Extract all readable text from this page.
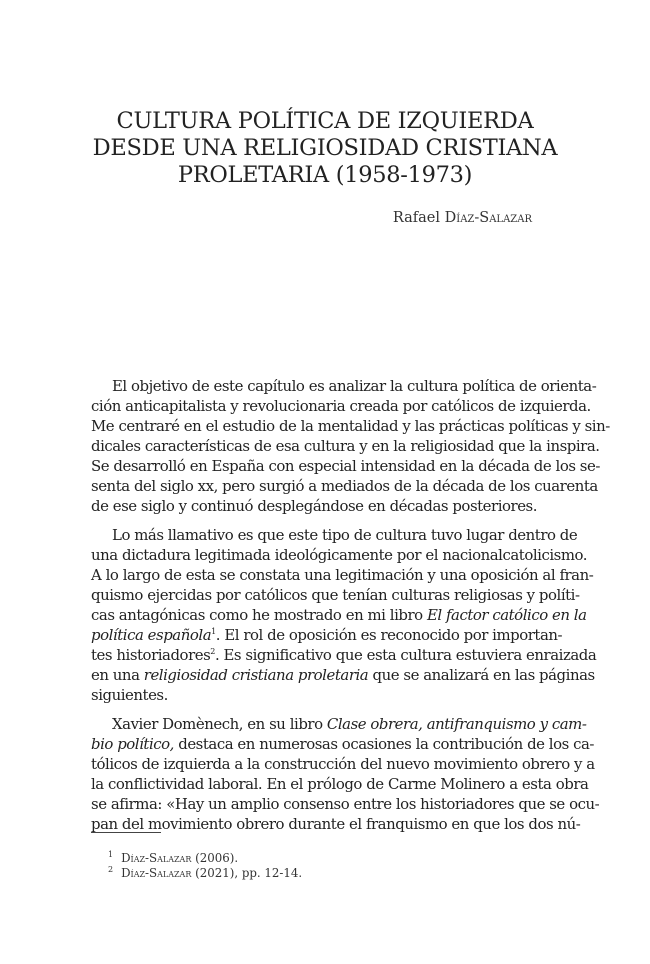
CULTURA POLÍTICA DE IZQUIERDA
DESDE UNA RELIGIOSIDAD CRISTIANA
PROLETARIA (1958-1973)
Rafael Díaz-Salazar
El objetivo de este capítulo es analizar la cultura política de orienta-
ción anticapitalista y revolucionaria creada por católicos de izquierda.
Me centraré en el estudio de la mentalidad y las prácticas políticas y sin-
dicales características de esa cultura y en la religiosidad que la inspira.
Se desarrolló en España con especial intensidad en la década de los se-
senta del siglo xx, pero surgió a mediados de la década de los cuarenta
de ese siglo y continuó desplegándose en décadas posteriores.
Lo más llamativo es que este tipo de cultura tuvo lugar dentro de
una dictadura legitimada ideológicamente por el nacionalcatolicismo.
A lo largo de esta se constata una legitimación y una oposición al fran-
quismo ejercidas por católicos que tenían culturas religiosas y políti-
cas antagónicas como he mostrado en mi libro El factor católico en la
política española$^1$. El rol de oposición es reconocido por importan-
tes historiadores$^2$. Es significativo que esta cultura estuviera enraizada
en una religiosidad cristiana proletaria que se analizará en las páginas
siguientes.
Xavier Domènech, en su libro Clase obrera, antifranquismo y cam-
bio político, destaca en numerosas ocasiones la contribución de los ca-
tólicos de izquierda a la construcción del nuevo movimiento obrero y a
la conflictividad laboral. En el prólogo de Carme Molinero a esta obra
se afirma: «Hay un amplio consenso entre los historiadores que se ocu-
pan del movimiento obrero durante el franquismo en que los dos nú-
$^1$ Díaz-Salazar (2006).
$^2$ Díaz-Salazar (2021), pp. 12-14.
